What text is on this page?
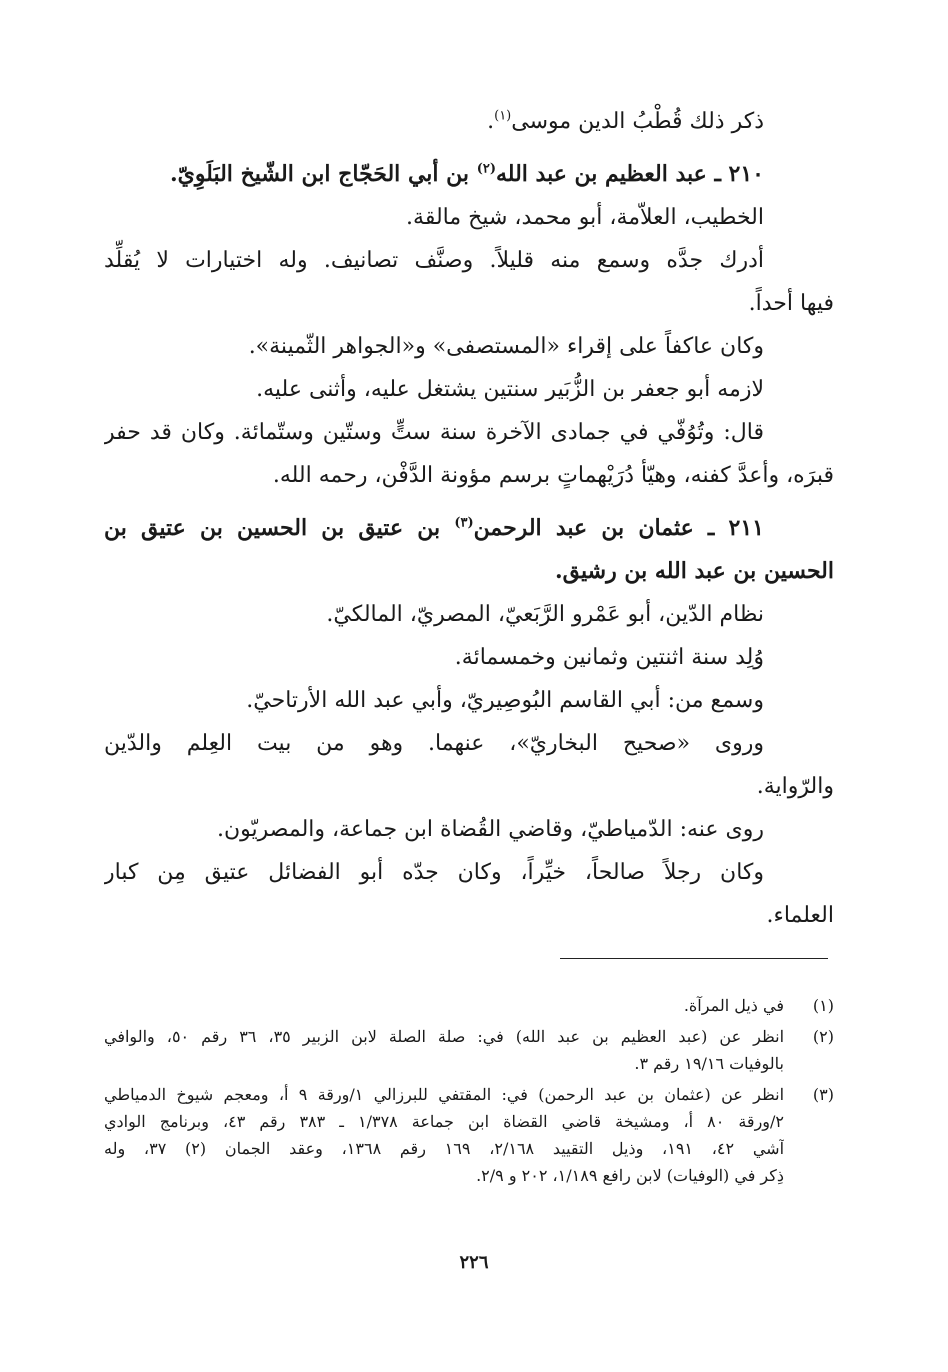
ذكر ذلك قُطْبُ الدين موسى$^{(١)}$.
٢١٠ ـ عبد العظيم بن عبد الله$^{(٢)}$ بن أبي الحَجّاج ابن الشّيخ البَلَوِيّ.
الخطيب، العلاّمة، أبو محمد، شيخ مالقة.
أدرك جدَّه وسمع منه قليلاً. وصنَّف تصانيف. وله اختيارات لا يُقلِّد
فيها أحداً.
وكان عاكفاً على إقراء «المستصفى» و«الجواهر الثّمينة».
لازمه أبو جعفر بن الزُّبَير سنتين يشتغل عليه، وأثنى عليه.
قال: وتُوُفّي في جمادى الآخرة سنة ستٍّ وستّين وستّمائة. وكان قد حفر
قبرَه، وأعدَّ كفنه، وهيّأ دُرَيْهماتٍ برسم مؤونة الدَّفْن، رحمه الله.
٢١١ ـ عثمان بن عبد الرحمن$^{(٣)}$ بن عتيق بن الحسين بن عتيق بن
الحسين بن عبد الله بن رشيق.
نظام الدّين، أبو عَمْرو الرَّبَعيّ، المصريّ، المالكيّ.
وُلِد سنة اثنتين وثمانين وخمسمائة.
وسمع من: أبي القاسم البُوصِيريّ، وأبي عبد الله الأرتاحيّ.
وروى «صحيح البخاريّ»، عنهما. وهو من بيت العِلم والدّين
والرّواية.
روى عنه: الدّمياطيّ، وقاضي القُضاة ابن جماعة، والمصريّون.
وكان رجلاً صالحاً، خيِّراً، وكان جدّه أبو الفضائل عتيق مِن كبار
العلماء.
(١)
في ذيل المرآة.
(٢)
انظر عن (عبد العظيم بن عبد الله) في: صلة الصلة لابن الزبير ٣٥، ٣٦ رقم ٥٠، والوافي
بالوفيات ١٩/١٦ رقم ٣.
(٣)
انظر عن (عثمان بن عبد الرحمن) في: المقتفي للبرزالي ١/ورقة ٩ أ، ومعجم شيوخ الدمياطي
٢/ورقة ٨٠ أ، ومشيخة قاضي القضاة ابن جماعة ١/٣٧٨ ـ ٣٨٣ رقم ٤٣، وبرنامج الوادي
آشي ٤٢، ١٩١، وذيل التقييد ٢/١٦٨، ١٦٩ رقم ١٣٦٨، وعقد الجمان (٢) ٣٧، وله
ذِكر في (الوفيات) لابن رافع ١/١٨٩، ٢٠٢ و ٢/٩.
٢٢٦
